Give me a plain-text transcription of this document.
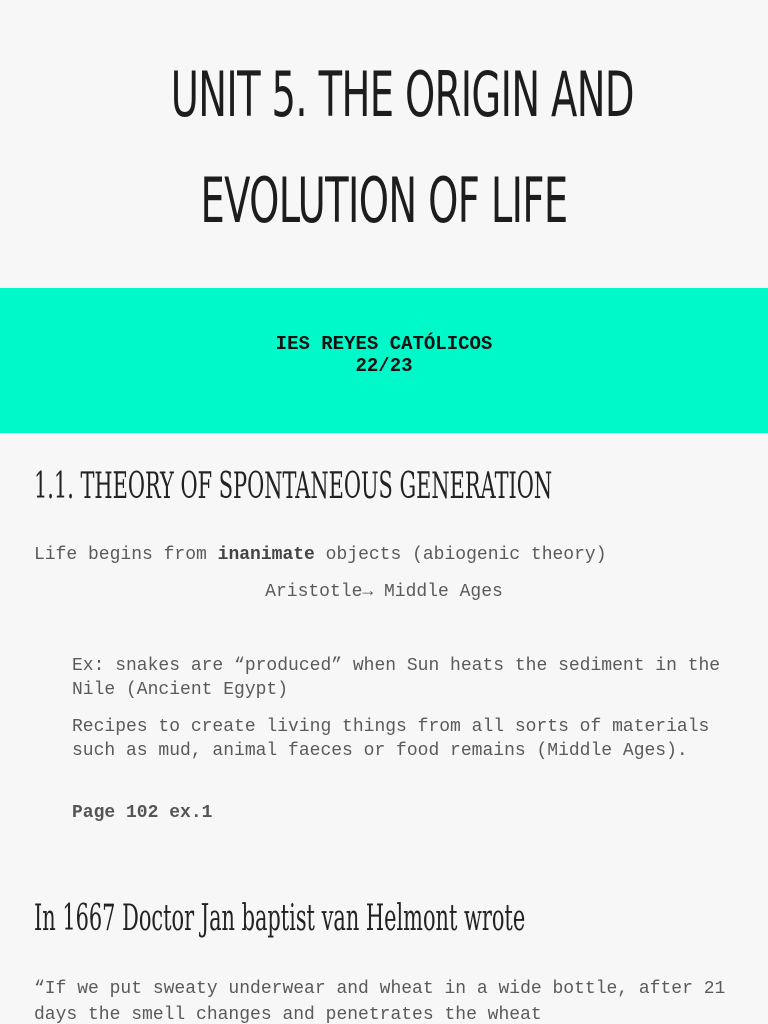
UNIT 5. THE ORIGIN AND
EVOLUTION OF LIFE
IES REYES CATÓLICOS
22/23
1.1. THEORY OF SPONTANEOUS GENERATION

Life begins from inanimate objects (abiogenic theory)

Aristotle→ Middle Ages

Ex: snakes are “produced” when Sun heats the sediment in the Nile (Ancient Egypt)

Recipes to create living things from all sorts of materials such as mud, animal faeces or food remains (Middle Ages).

Page 102 ex.1

In 1667 Doctor Jan baptist van Helmont wrote

“If we put sweaty underwear and wheat in a wide bottle, after 21 days the smell changes and penetrates the wheat
